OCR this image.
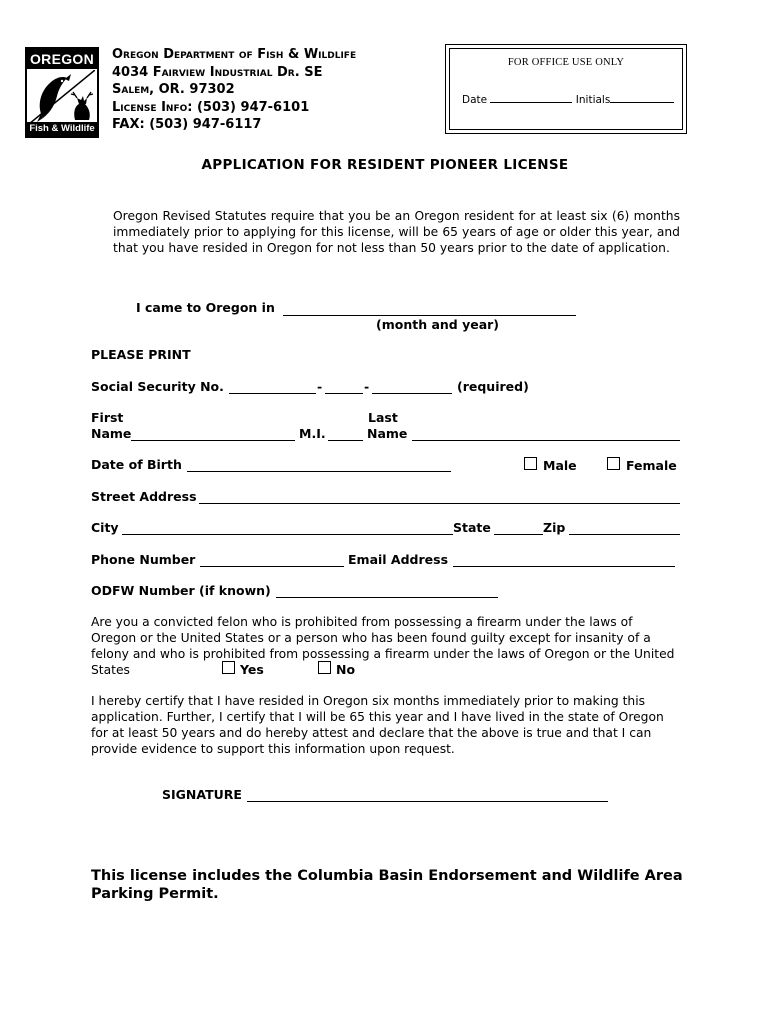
OREGON
Fish & Wildlife
Oregon Department of Fish & Wildlife
4034 Fairview Industrial Dr. SE
Salem, OR. 97302
License Info: (503) 947-6101
FAX: (503) 947-6117
FOR OFFICE USE ONLY
Date	Initials
APPLICATION FOR RESIDENT PIONEER LICENSE
Oregon Revised Statutes require that you be an Oregon resident for at least six (6) months immediately prior to applying for this license, will be 65 years of age or older this year, and that you have resided in Oregon for not less than 50 years prior to the date of application.
I came to Oregon in
(month and year)
PLEASE PRINT
Social Security No.	-	-	(required)
First
Name	M.I.
Last
Name
Date of Birth	Male	Female
Street Address
City	State	Zip
Phone Number	Email Address
ODFW Number (if known)
Are you a convicted felon who is prohibited from possessing a firearm under the laws of Oregon or the United States or a person who has been found guilty except for insanity of a felony and who is prohibited from possessing a firearm under the laws of Oregon or the United States	Yes	No
I hereby certify that I have resided in Oregon six months immediately prior to making this application. Further, I certify that I will be 65 this year and I have lived in the state of Oregon for at least 50 years and do hereby attest and declare that the above is true and that I can provide evidence to support this information upon request.
SIGNATURE
This license includes the Columbia Basin Endorsement and Wildlife Area Parking Permit.
